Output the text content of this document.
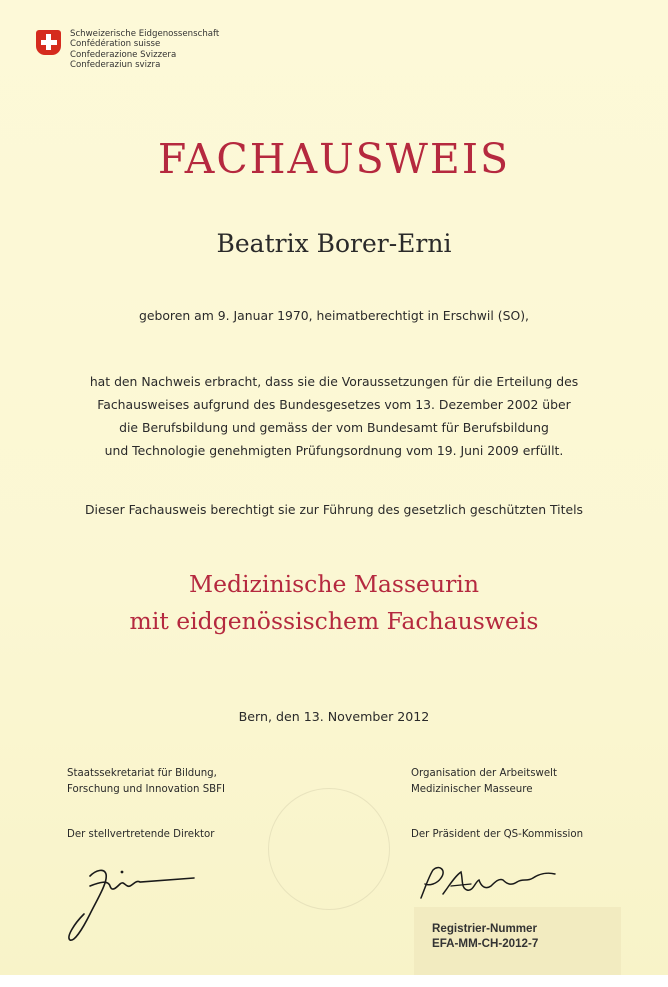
Schweizerische Eidgenossenschaft
Confédération suisse
Confederazione Svizzera
Confederaziun svizra
FACHAUSWEIS
Beatrix Borer-Erni
geboren am 9. Januar 1970, heimatberechtigt in Erschwil (SO),
hat den Nachweis erbracht, dass sie die Voraussetzungen für die Erteilung des
Fachausweises aufgrund des Bundesgesetzes vom 13. Dezember 2002 über
die Berufsbildung und gemäss der vom Bundesamt für Berufsbildung
und Technologie genehmigten Prüfungsordnung vom 19. Juni 2009 erfüllt.
Dieser Fachausweis berechtigt sie zur Führung des gesetzlich geschützten Titels
Medizinische Masseurin
mit eidgenössischem Fachausweis
Bern, den 13. November 2012
Staatssekretariat für Bildung,
Forschung und Innovation SBFI
Der stellvertretende Direktor
Organisation der Arbeitswelt
Medizinischer Masseure
Der Präsident der QS-Kommission
Registrier-Nummer
EFA-MM-CH-2012-7
